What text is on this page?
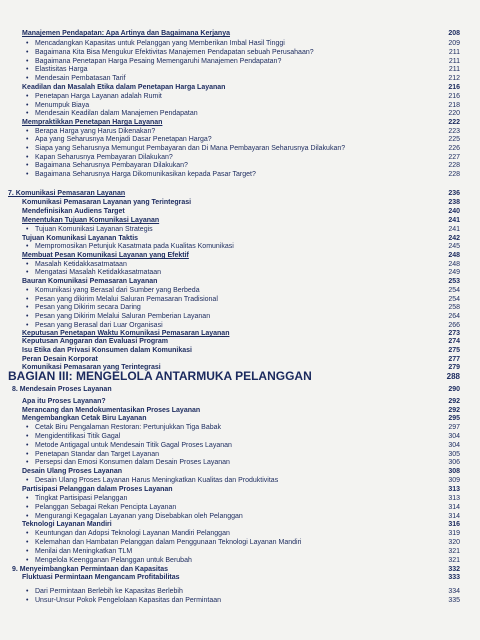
Manajemen Pendapatan: Apa Artinya dan Bagaimana Kerjanya	208
• Mencadangkan Kapasitas untuk Pelanggan yang Memberikan Imbal Hasil Tinggi	209
• Bagaimana Kita Bisa Mengukur Efektivitas Manajemen Pendapatan sebuah Perusahaan?	211
• Bagaimana Penetapan Harga Pesaing Memengaruhi Manajemen Pendapatan?	211
• Elastisitas Harga	211
• Mendesain Pembatasan Tarif	212
Keadilan dan Masalah Etika dalam Penetapan Harga Layanan	216
• Penetapan Harga Layanan adalah Rumit	216
• Menumpuk Biaya	218
• Mendesain Keadilan dalam Manajemen Pendapatan	220
Mempraktikkan Penetapan Harga Layanan	222
• Berapa Harga yang Harus Dikenakan?	223
• Apa yang Seharusnya Menjadi Dasar Penetapan Harga?	225
• Siapa yang Seharusnya Memungut Pembayaran dan Di Mana Pembayaran Seharusnya Dilakukan?	226
• Kapan Seharusnya Pembayaran Dilakukan?	227
• Bagaimana Seharusnya Pembayaran Dilakukan?	228
• Bagaimana Seharusnya Harga Dikomunikasikan kepada Pasar Target?	228
7. Komunikasi Pemasaran Layanan	236
Komunikasi Pemasaran Layanan yang Terintegrasi	238
Mendefinisikan Audiens Target	240
Menentukan Tujuan Komunikasi Layanan	241
• Tujuan Komunikasi Layanan Strategis	241
Tujuan Komunikasi Layanan Taktis	242
• Mempromosikan Petunjuk Kasatmata pada Kualitas Komunikasi	245
Membuat Pesan Komunikasi Layanan yang Efektif	248
• Masalah Ketidakkasatmataan	248
• Mengatasi Masalah Ketidakkasatmataan	249
Bauran Komunikasi Pemasaran Layanan	253
• Komunikasi yang Berasal dari Sumber yang Berbeda	254
• Pesan yang dikirim Melalui Saluran Pemasaran Tradisional	254
• Pesan yang Dikirim secara Daring	258
• Pesan yang Dikirim Melalui Saluran Pemberian Layanan	264
• Pesan yang Berasal dari Luar Organisasi	266
Keputusan Penetapan Waktu Komunikasi Pemasaran Layanan	273
Keputusan Anggaran dan Evaluasi Program	274
Isu Etika dan Privasi Konsumen dalam Komunikasi	275
Peran Desain Korporat	277
Komunikasi Pemasaran yang Terintegrasi	279
BAGIAN III: MENGELOLA ANTARMUKA PELANGGAN	288
8. Mendesain Proses Layanan	290
Apa itu Proses Layanan?	292
Merancang dan Mendokumentasikan Proses Layanan	292
Mengembangkan Cetak Biru Layanan	295
• Cetak Biru Pengalaman Restoran: Pertunjukkan Tiga Babak	297
• Mengidentifikasi Titik Gagal	304
• Metode Antigagal untuk Mendesain Titik Gagal Proses Layanan	304
• Penetapan Standar dan Target Layanan	305
• Persepsi dan Emosi Konsumen dalam Desain Proses Layanan	306
Desain Ulang Proses Layanan	308
• Desain Ulang Proses Layanan Harus Meningkatkan Kualitas dan Produktivitas	309
Partisipasi Pelanggan dalam Proses Layanan	313
• Tingkat Partisipasi Pelanggan	313
• Pelanggan Sebagai Rekan Pencipta Layanan	314
• Mengurangi Kegagalan Layanan yang Disebabkan oleh Pelanggan	314
Teknologi Layanan Mandiri	316
• Keuntungan dan Adopsi Teknologi Layanan Mandiri Pelanggan	319
• Kelemahan dan Hambatan Pelanggan dalam Penggunaan Teknologi Layanan Mandiri	320
• Menilai dan Meningkatkan TLM	321
• Mengelola Keengganan Pelanggan untuk Berubah	321
9. Menyeimbangkan Permintaan dan Kapasitas	332
Fluktuasi Permintaan Mengancam Profitabilitas	333
• Dari Permintaan Berlebih ke Kapasitas Berlebih	334
• Unsur-Unsur Pokok Pengelolaan Kapasitas dan Permintaan	335
